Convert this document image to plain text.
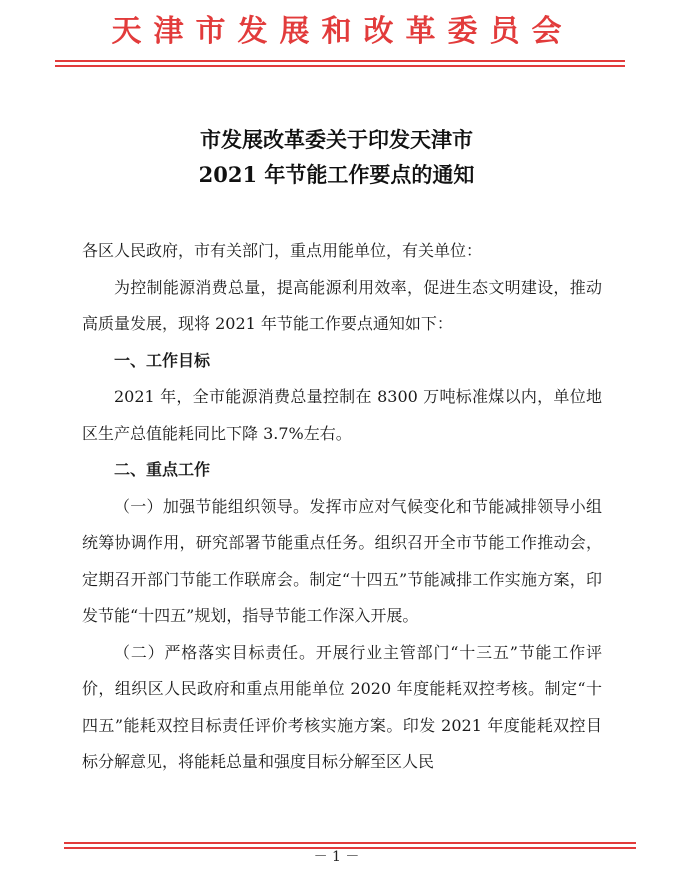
天津市发展和改革委员会
市发展改革委关于印发天津市
2021 年节能工作要点的通知

各区人民政府，市有关部门，重点用能单位，有关单位：

为控制能源消费总量，提高能源利用效率，促进生态文明建设，推动高质量发展，现将 2021 年节能工作要点通知如下：

一、工作目标

2021 年，全市能源消费总量控制在 8300 万吨标准煤以内，单位地区生产总值能耗同比下降 3.7%左右。

二、重点工作

（一）加强节能组织领导。发挥市应对气候变化和节能减排领导小组统筹协调作用，研究部署节能重点任务。组织召开全市节能工作推动会，定期召开部门节能工作联席会。制定“十四五”节能减排工作实施方案，印发节能“十四五”规划，指导节能工作深入开展。

（二）严格落实目标责任。开展行业主管部门“十三五”节能工作评价，组织区人民政府和重点用能单位 2020 年度能耗双控考核。制定“十四五”能耗双控目标责任评价考核实施方案。印发 2021 年度能耗双控目标分解意见，将能耗总量和强度目标分解至区人民

－ 1 －
